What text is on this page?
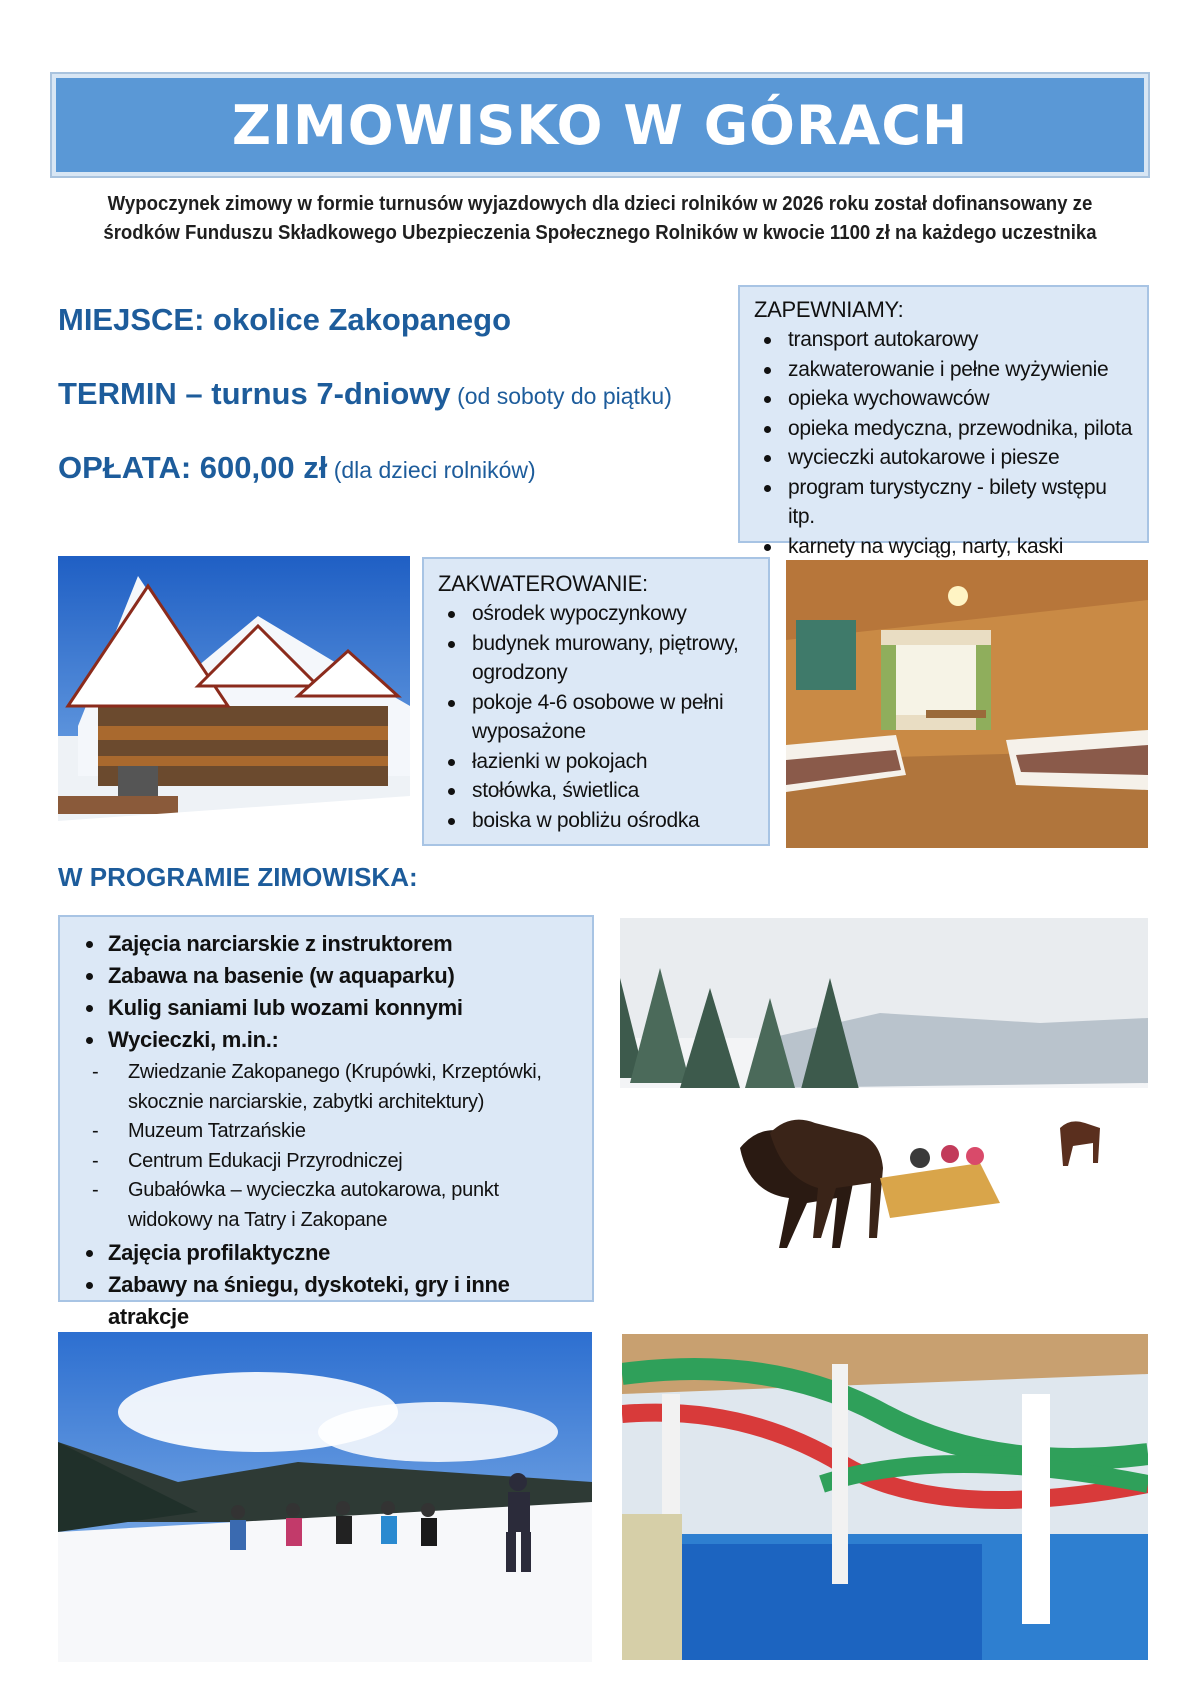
ZIMOWISKO W GÓRACH
Wypoczynek zimowy w formie turnusów wyjazdowych dla dzieci rolników w 2026 roku został dofinansowany ze
środków Funduszu Składkowego Ubezpieczenia Społecznego Rolników w kwocie 1100 zł na każdego uczestnika
MIEJSCE: okolice Zakopanego
TERMIN – turnus 7-dniowy (od soboty do piątku)
OPŁATA: 600,00 zł (dla dzieci rolników)
ZAPEWNIAMY:
transport autokarowy
zakwaterowanie i pełne wyżywienie
opieka wychowawców
opieka medyczna, przewodnika, pilota
wycieczki autokarowe i piesze
program turystyczny - bilety wstępu itp.
karnety na wyciąg, narty, kaski
ZAKWATEROWANIE:
ośrodek wypoczynkowy
budynek murowany, piętrowy, ogrodzony
pokoje 4-6 osobowe w pełni wyposażone
łazienki w pokojach
stołówka, świetlica
boiska w pobliżu ośrodka
W PROGRAMIE ZIMOWISKA:
Zajęcia narciarskie z instruktorem
Zabawa na basenie (w aquaparku)
Kulig saniami lub wozami konnymi
Wycieczki, m.in.:
- Zwiedzanie Zakopanego (Krupówki, Krzeptówki, skocznie narciarskie, zabytki architektury)
- Muzeum Tatrzańskie
- Centrum Edukacji Przyrodniczej
- Gubałówka – wycieczka autokarowa, punkt widokowy na Tatry i Zakopane
Zajęcia profilaktyczne
Zabawy na śniegu, dyskoteki, gry i inne atrakcje
